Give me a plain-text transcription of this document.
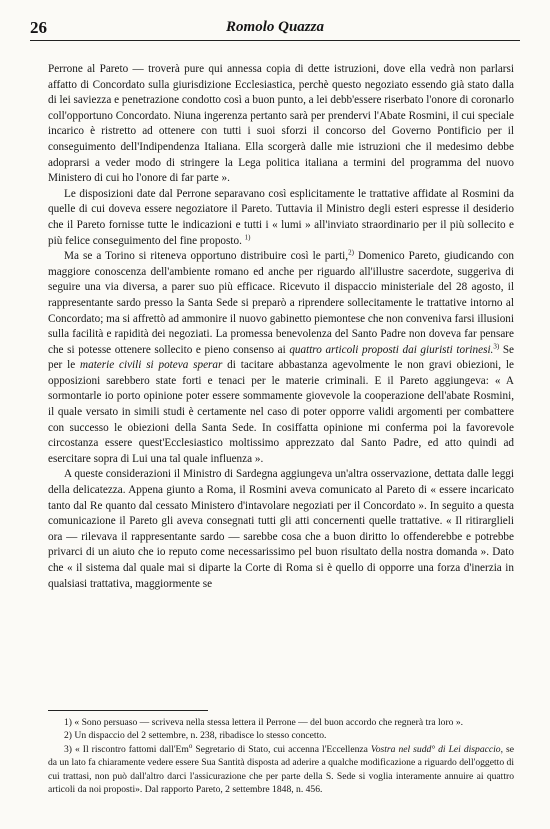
26	Romolo Quazza

Perrone al Pareto — troverà pure qui annessa copia di dette istruzioni, dove ella vedrà non parlarsi affatto di Concordato sulla giurisdizione Ecclesiastica, perchè questo negoziato essendo già stato dalla di lei saviezza e penetrazione condotto così a buon punto, a lei debb'essere riserbato l'onore di coronarlo coll'opportuno Concordato. Niuna ingerenza pertanto sarà per prendervi l'Abate Rosmini, il cui speciale incarico è ristretto ad ottenere con tutti i suoi sforzi il concorso del Governo Pontificio per il conseguimento dell'Indipendenza Italiana. Ella scorgerà dalle mie istruzioni che il medesimo debbe adoprarsi a veder modo di stringere la Lega politica italiana a termini del programma del nuovo Ministero di cui ho l'onore di far parte ».

Le disposizioni date dal Perrone separavano così esplicitamente le trattative affidate al Rosmini da quelle di cui doveva essere negoziatore il Pareto. Tuttavia il Ministro degli esteri espresse il desiderio che il Pareto fornisse tutte le indicazioni e tutti i « lumi » all'inviato straordinario per il più sollecito e più felice conseguimento del fine proposto. $^{1)}$

Ma se a Torino si riteneva opportuno distribuire così le parti,$^{2)}$ Domenico Pareto, giudicando con maggiore conoscenza dell'ambiente romano ed anche per riguardo all'illustre sacerdote, suggeriva di seguire una via diversa, a parer suo più efficace. Ricevuto il dispaccio ministeriale del 28 agosto, il rappresentante sardo presso la Santa Sede si preparò a riprendere sollecitamente le trattative intorno al Concordato; ma si affrettò ad ammonire il nuovo gabinetto piemontese che non conveniva farsi illusioni sulla facilità e rapidità dei negoziati. La promessa benevolenza del Santo Padre non doveva far pensare che si potesse ottenere sollecito e pieno consenso ai quattro articoli proposti dai giuristi torinesi.$^{3)}$ Se per le materie civili si poteva sperar di tacitare abbastanza agevolmente le non gravi obiezioni, le opposizioni sarebbero state forti e tenaci per le materie criminali. E il Pareto aggiungeva: « A sormontarle io porto opinione poter essere sommamente giovevole la cooperazione dell'abate Rosmini, il quale versato in simili studi è certamente nel caso di poter opporre validi argomenti per combattere con successo le obiezioni della Santa Sede. In cosiffatta opinione mi conferma poi la favorevole circostanza essere quest'Ecclesiastico moltissimo apprezzato dal Santo Padre, ed atto quindi ad esercitare sopra di Lui una tal quale influenza ».

A queste considerazioni il Ministro di Sardegna aggiungeva un'altra osservazione, dettata dalle leggi della delicatezza. Appena giunto a Roma, il Rosmini aveva comunicato al Pareto di « essere incaricato tanto dal Re quanto dal cessato Ministero d'intavolare negoziati per il Concordato ». In seguito a questa comunicazione il Pareto gli aveva consegnati tutti gli atti concernenti quelle trattative. « Il ritirarglieli ora — rilevava il rappresentante sardo — sarebbe cosa che a buon diritto lo offenderebbe e potrebbe privarci di un aiuto che io reputo come necessarissimo pel buon risultato della nostra domanda ». Dato che « il sistema dal quale mai si diparte la Corte di Roma si è quello di opporre una forza d'inerzia in qualsiasi trattativa, maggiormente se

1) « Sono persuaso — scriveva nella stessa lettera il Perrone — del buon accordo che regnerà tra loro ».

2) Un dispaccio del 2 settembre, n. 238, ribadisce lo stesso concetto.

3) « Il riscontro fattomi dall'Em$^o$ Segretario di Stato, cui accenna l'Eccellenza Vostra nel sudd° di Lei dispaccio, se da un lato fa chiaramente vedere essere Sua Santità disposta ad aderire a qualche modificazione a riguardo dell'oggetto di cui trattasi, non può dall'altro darci l'assicurazione che per parte della S. Sede si voglia interamente annuire ai quattro articoli da noi proposti». Dal rapporto Pareto, 2 settembre 1848, n. 456.
